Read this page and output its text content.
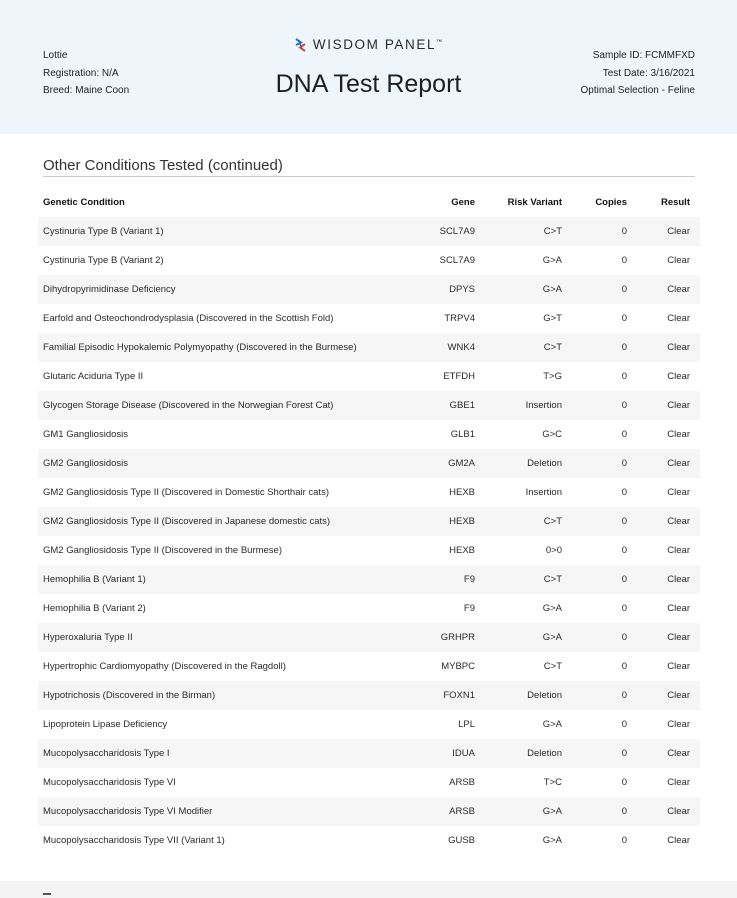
Lottie
Registration: N/A
Breed: Maine Coon
WISDOM PANEL™
DNA Test Report
Sample ID: FCMMFXD
Test Date: 3/16/2021
Optimal Selection - Feline
Other Conditions Tested (continued)
Genetic Condition	Gene	Risk Variant	Copies	Result
Cystinuria Type B (Variant 1)	SCL7A9	C>T	0	Clear
Cystinuria Type B (Variant 2)	SCL7A9	G>A	0	Clear
Dihydropyrimidinase Deficiency	DPYS	G>A	0	Clear
Earfold and Osteochondrodysplasia (Discovered in the Scottish Fold)	TRPV4	G>T	0	Clear
Familial Episodic Hypokalemic Polymyopathy (Discovered in the Burmese)	WNK4	C>T	0	Clear
Glutaric Aciduria Type II	ETFDH	T>G	0	Clear
Glycogen Storage Disease (Discovered in the Norwegian Forest Cat)	GBE1	Insertion	0	Clear
GM1 Gangliosidosis	GLB1	G>C	0	Clear
GM2 Gangliosidosis	GM2A	Deletion	0	Clear
GM2 Gangliosidosis Type II (Discovered in Domestic Shorthair cats)	HEXB	Insertion	0	Clear
GM2 Gangliosidosis Type II (Discovered in Japanese domestic cats)	HEXB	C>T	0	Clear
GM2 Gangliosidosis Type II (Discovered in the Burmese)	HEXB	0>0	0	Clear
Hemophilia B (Variant 1)	F9	C>T	0	Clear
Hemophilia B (Variant 2)	F9	G>A	0	Clear
Hyperoxaluria Type II	GRHPR	G>A	0	Clear
Hypertrophic Cardiomyopathy (Discovered in the Ragdoll)	MYBPC	C>T	0	Clear
Hypotrichosis (Discovered in the Birman)	FOXN1	Deletion	0	Clear
Lipoprotein Lipase Deficiency	LPL	G>A	0	Clear
Mucopolysaccharidosis Type I	IDUA	Deletion	0	Clear
Mucopolysaccharidosis Type VI	ARSB	T>C	0	Clear
Mucopolysaccharidosis Type VI Modifier	ARSB	G>A	0	Clear
Mucopolysaccharidosis Type VII (Variant 1)	GUSB	G>A	0	Clear
